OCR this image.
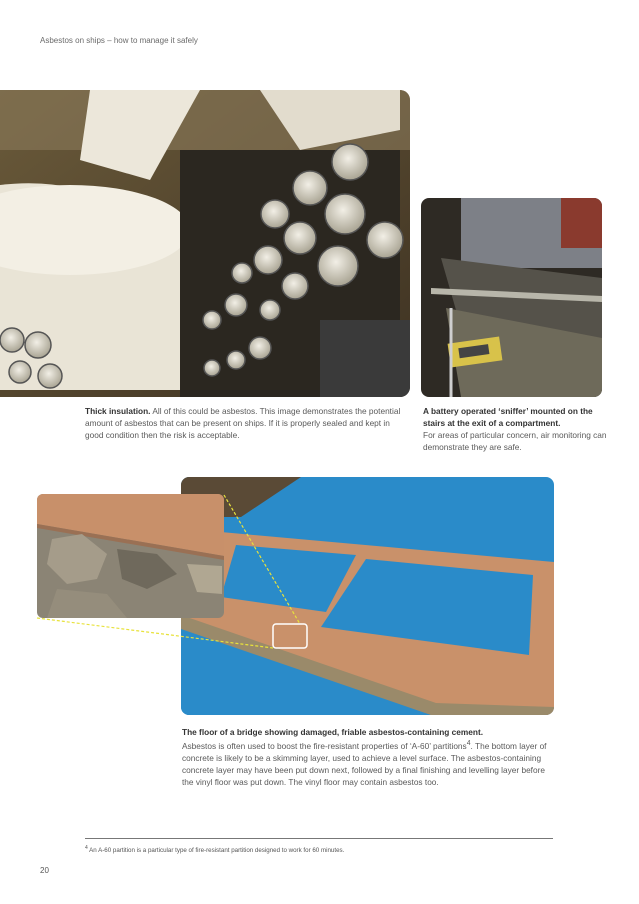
Asbestos on ships – how to manage it safely
Thick insulation. All of this could be asbestos. This image demonstrates the potential amount of asbestos that can be present on ships. If it is properly sealed and kept in good condition then the risk is acceptable.
A battery operated ‘sniffer’ mounted on the stairs at the exit of a compartment.
For areas of particular concern, air monitoring can demonstrate they are safe.
The floor of a bridge showing damaged, friable asbestos-containing cement.
Asbestos is often used to boost the fire-resistant properties of ‘A-60’ partitions$^4$. The bottom layer of concrete is likely to be a skimming layer, used to achieve a level surface. The asbestos-containing concrete layer may have been put down next, followed by a final finishing and levelling layer before the vinyl floor was put down. The vinyl floor may contain asbestos too.
$^4$ An A-60 partition is a particular type of fire-resistant partition designed to work for 60 minutes.
20
